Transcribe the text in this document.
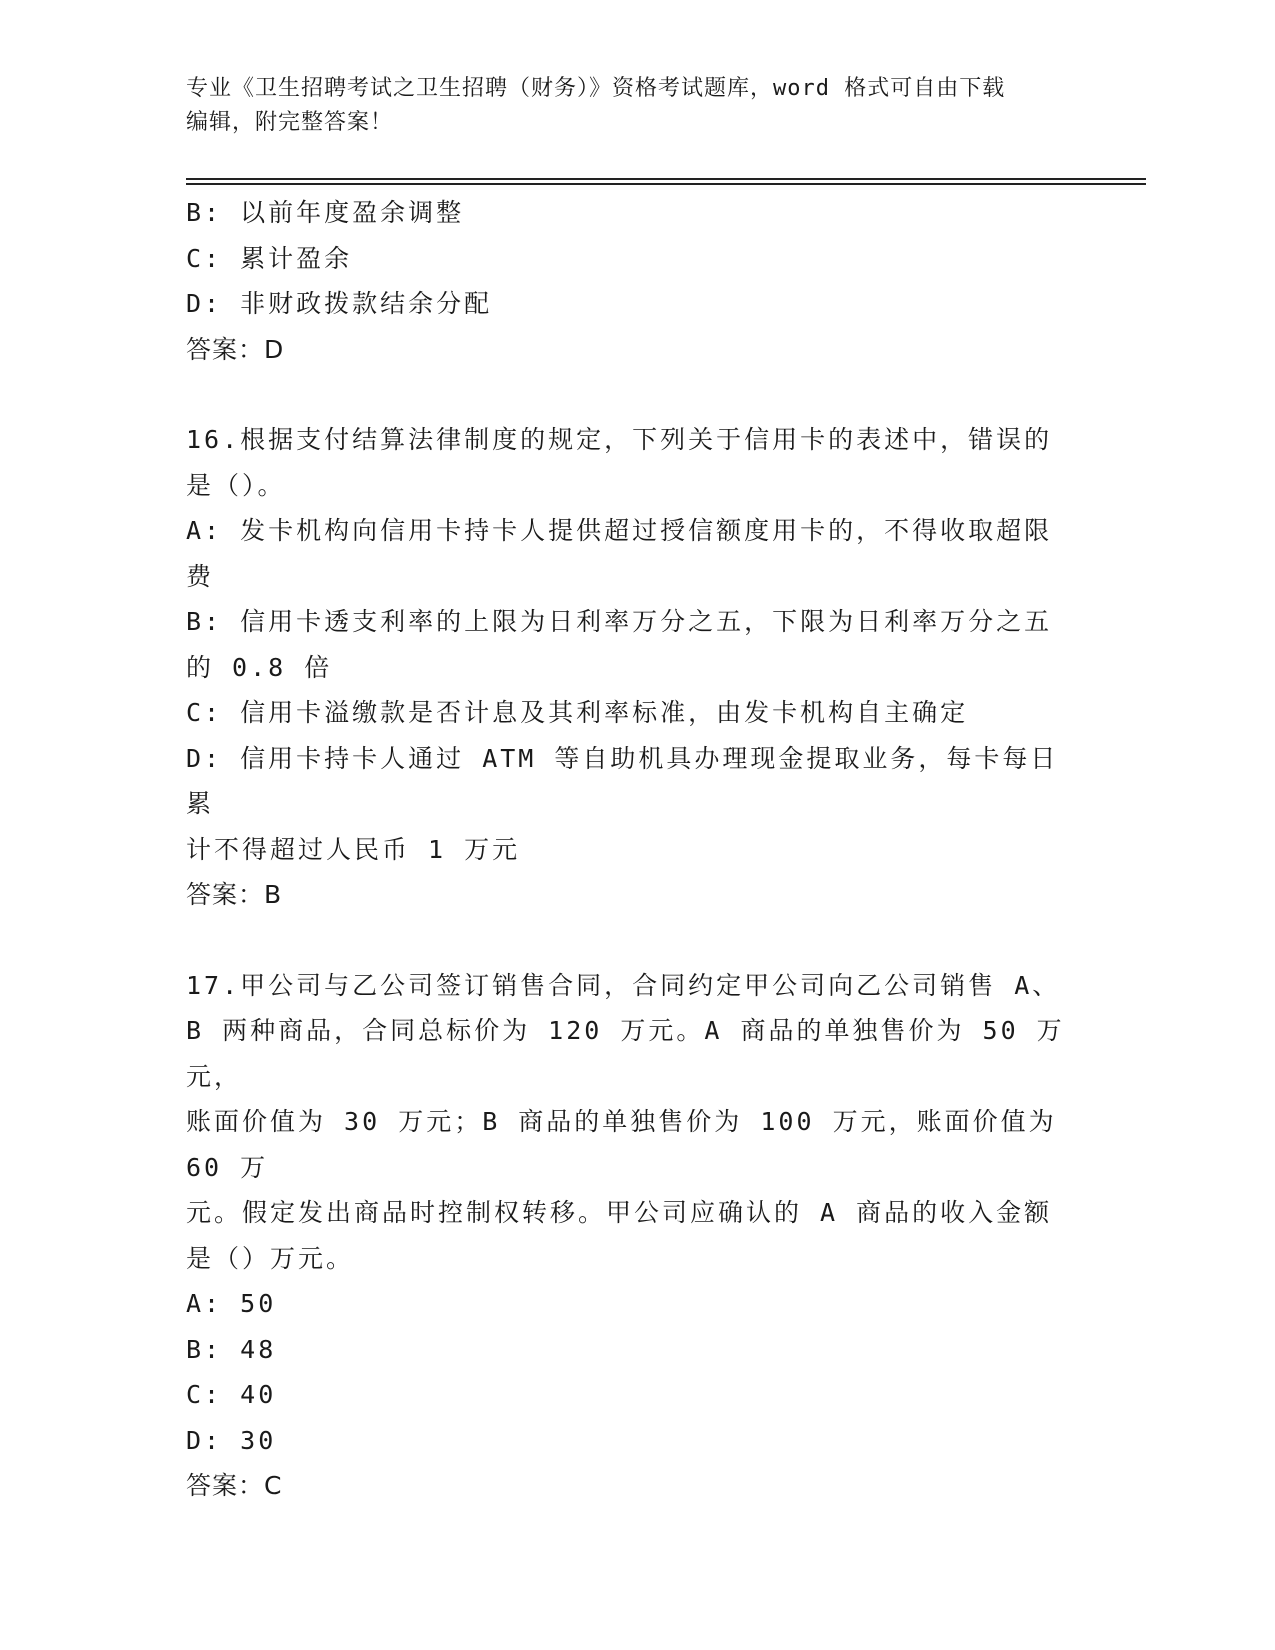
专业《卫生招聘考试之卫生招聘（财务）》资格考试题库，word 格式可自由下载
编辑，附完整答案！
B: 以前年度盈余调整
C: 累计盈余
D: 非财政拨款结余分配
答案：D
16.根据支付结算法律制度的规定，下列关于信用卡的表述中，错误的
是（）。
A: 发卡机构向信用卡持卡人提供超过授信额度用卡的，不得收取超限
费
B: 信用卡透支利率的上限为日利率万分之五，下限为日利率万分之五
的 0.8 倍
C: 信用卡溢缴款是否计息及其利率标准，由发卡机构自主确定
D: 信用卡持卡人通过 ATM 等自助机具办理现金提取业务，每卡每日累
计不得超过人民币 1 万元
答案：B
17.甲公司与乙公司签订销售合同，合同约定甲公司向乙公司销售 A、
B 两种商品，合同总标价为 120 万元。A 商品的单独售价为 50 万元，
账面价值为 30 万元；B 商品的单独售价为 100 万元，账面价值为 60 万
元。假定发出商品时控制权转移。甲公司应确认的 A 商品的收入金额
是（）万元。
A: 50
B: 48
C: 40
D: 30
答案：C
